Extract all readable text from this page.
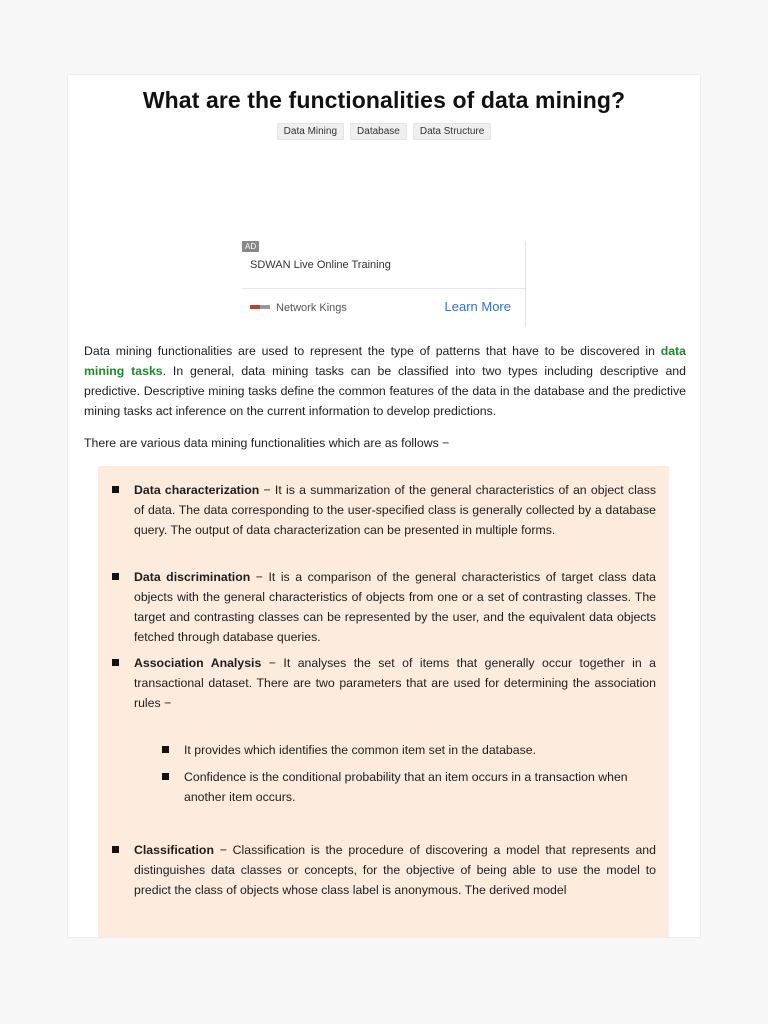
What are the functionalities of data mining?
Data Mining Database Data Structure
AD
SDWAN Live Online Training
Network Kings	Learn More

Data mining functionalities are used to represent the type of patterns that have to be discovered in data mining tasks. In general, data mining tasks can be classified into two types including descriptive and predictive. Descriptive mining tasks define the common features of the data in the database and the predictive mining tasks act inference on the current information to develop predictions.

There are various data mining functionalities which are as follows −
Data characterization − It is a summarization of the general characteristics of an object class of data. The data corresponding to the user-specified class is generally collected by a database query. The output of data characterization can be presented in multiple forms.
Data discrimination − It is a comparison of the general characteristics of target class data objects with the general characteristics of objects from one or a set of contrasting classes. The target and contrasting classes can be represented by the user, and the equivalent data objects fetched through database queries.
Association Analysis − It analyses the set of items that generally occur together in a transactional dataset. There are two parameters that are used for determining the association rules −
It provides which identifies the common item set in the database.
Confidence is the conditional probability that an item occurs in a transaction when another item occurs.
Classification − Classification is the procedure of discovering a model that represents and distinguishes data classes or concepts, for the objective of being able to use the model to predict the class of objects whose class label is anonymous. The derived model
